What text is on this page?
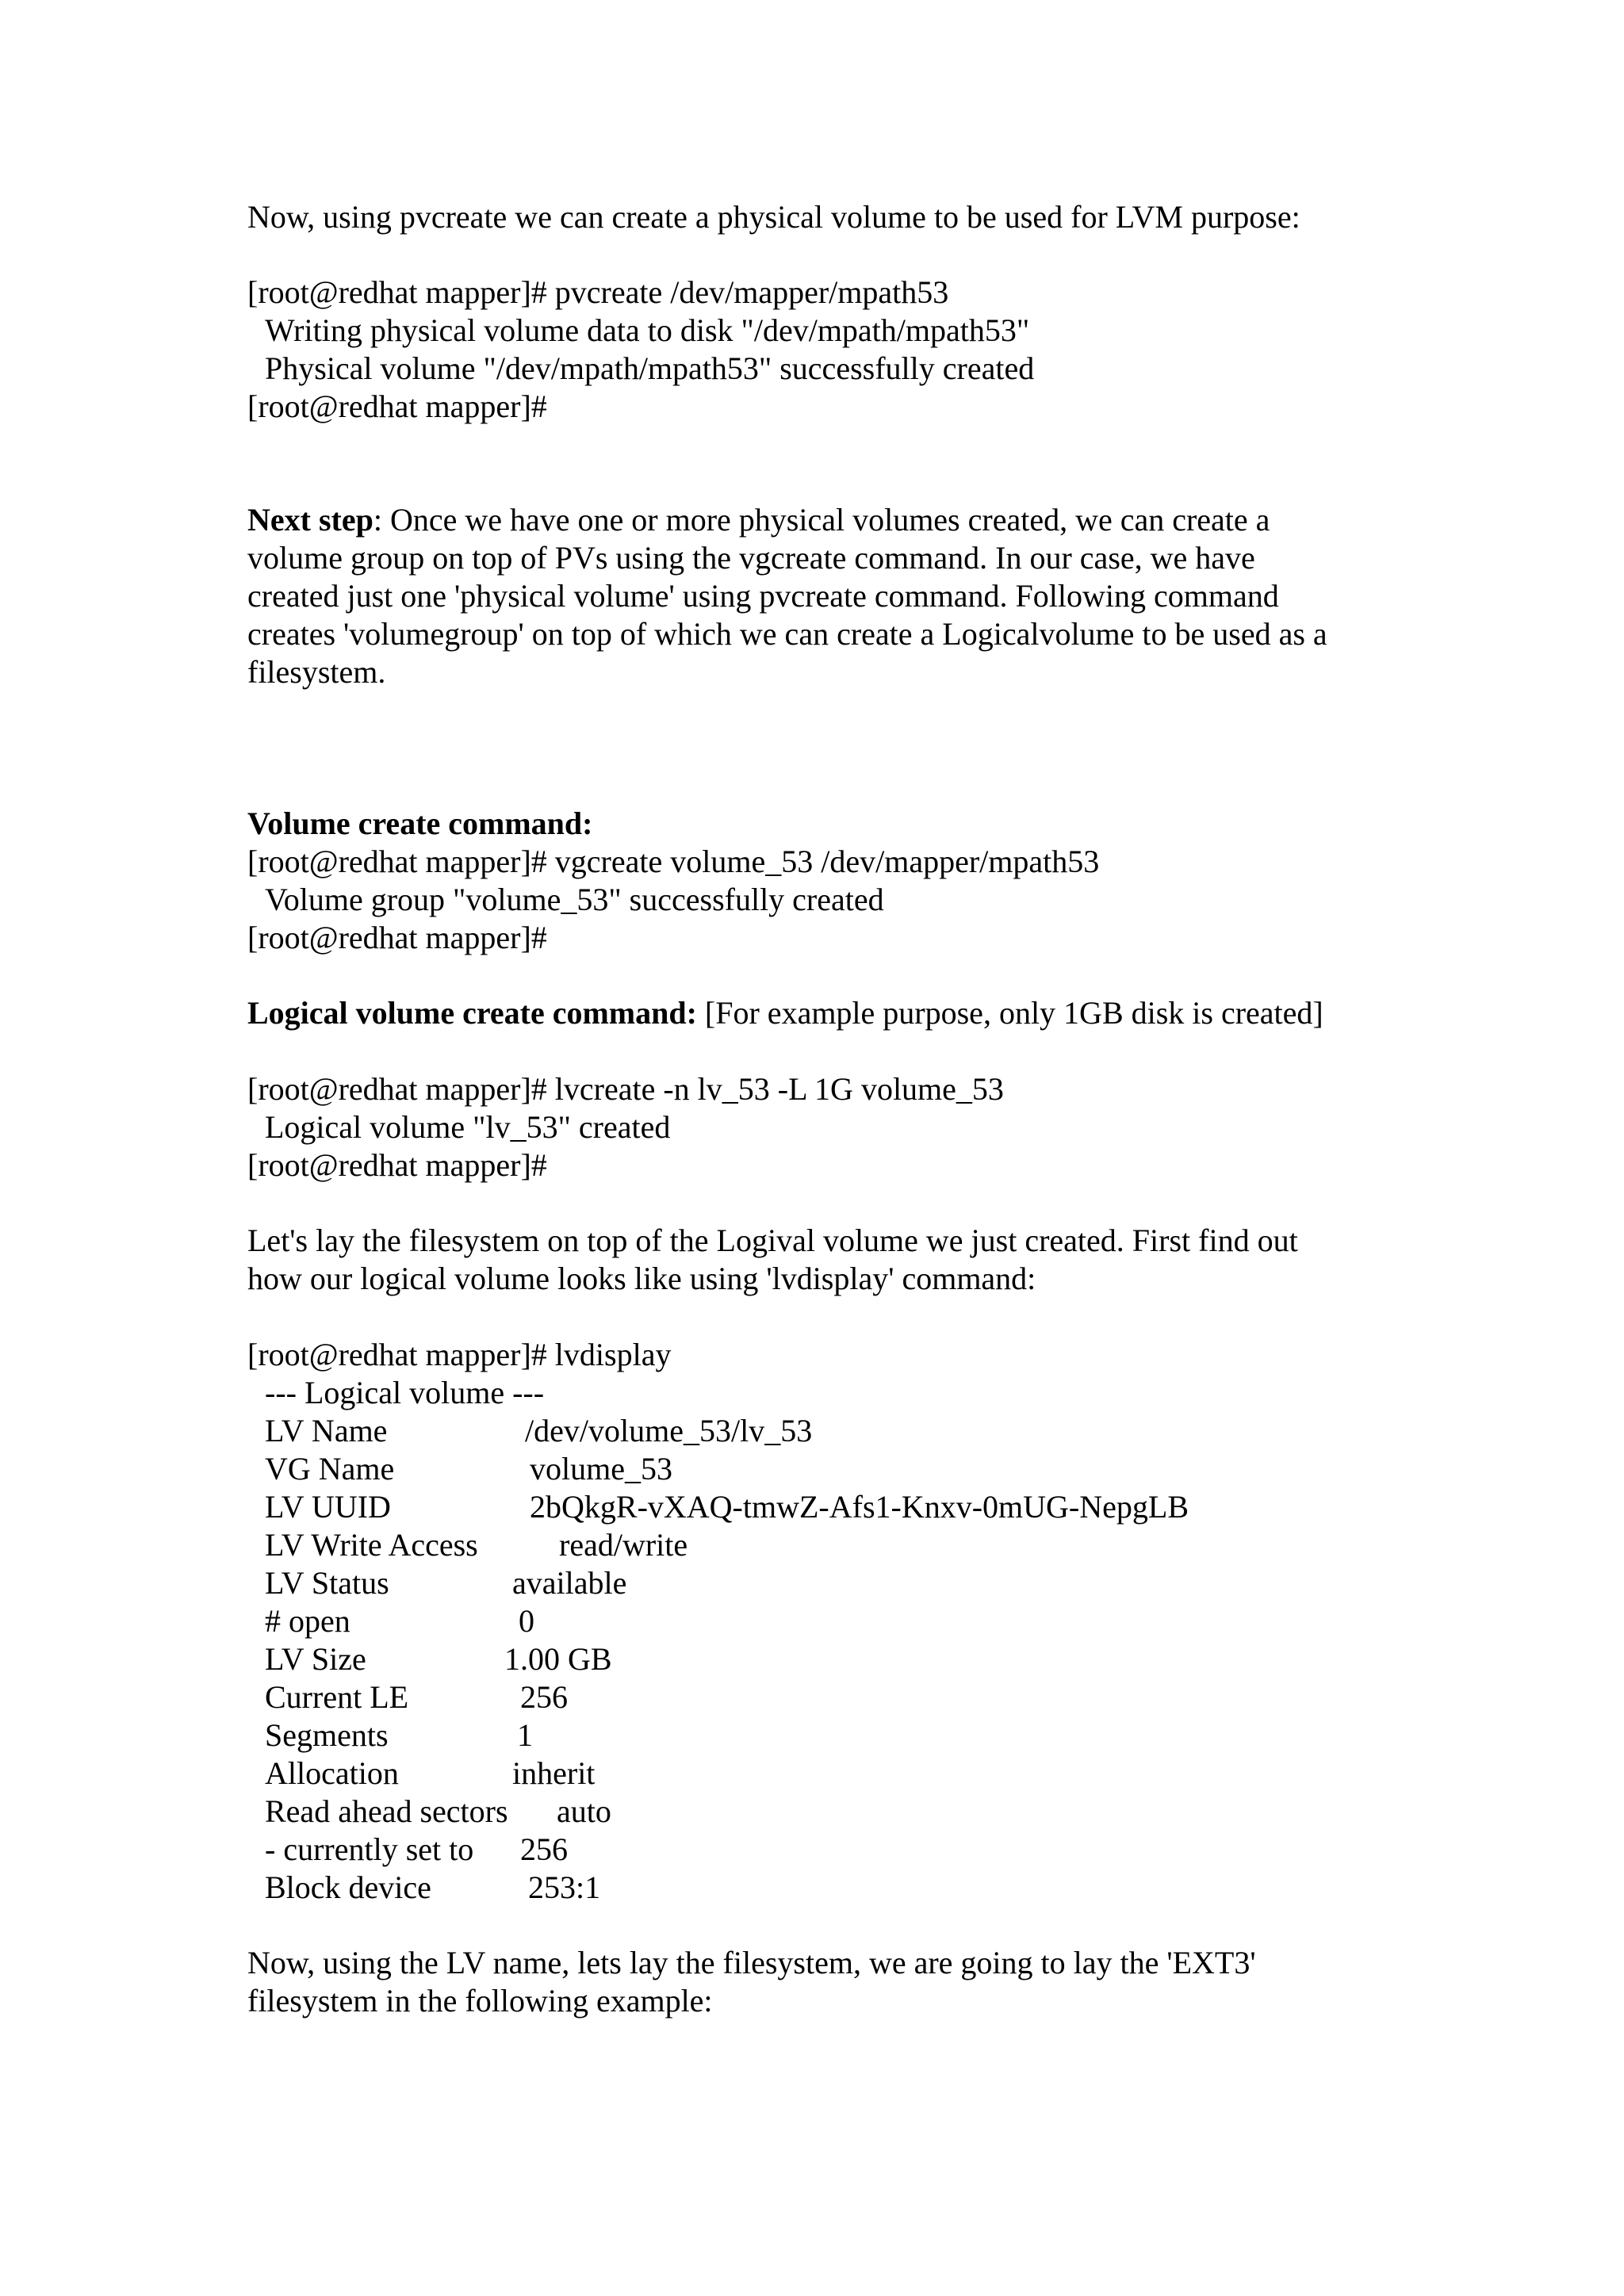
Now, using pvcreate we can create a physical volume to be used for LVM purpose:
[root@redhat mapper]# pvcreate /dev/mapper/mpath53
Writing physical volume data to disk "/dev/mpath/mpath53"
Physical volume "/dev/mpath/mpath53" successfully created
[root@redhat mapper]#
Next step: Once we have one or more physical volumes created, we can create a
volume group on top of PVs using the vgcreate command. In our case, we have
created just one 'physical volume' using pvcreate command. Following command
creates 'volumegroup' on top of which we can create a Logicalvolume to be used as a
filesystem.
Volume create command:
[root@redhat mapper]# vgcreate volume_53 /dev/mapper/mpath53
Volume group "volume_53" successfully created
[root@redhat mapper]#
Logical volume create command: [For example purpose, only 1GB disk is created]
[root@redhat mapper]# lvcreate -n lv_53 -L 1G volume_53
Logical volume "lv_53" created
[root@redhat mapper]#
Let's lay the filesystem on top of the Logival volume we just created. First find out
how our logical volume looks like using 'lvdisplay' command:
[root@redhat mapper]# lvdisplay
--- Logical volume ---
LV Name	/dev/volume_53/lv_53
VG Name	volume_53
LV UUID	2bQkgR-vXAQ-tmwZ-Afs1-Knxv-0mUG-NepgLB
LV Write Access	read/write
LV Status	available
# open	0
LV Size	1.00 GB
Current LE	256
Segments	1
Allocation	inherit
Read ahead sectors auto
- currently set to 256
Block device	253:1
Now, using the LV name, lets lay the filesystem, we are going to lay the 'EXT3'
filesystem in the following example:
